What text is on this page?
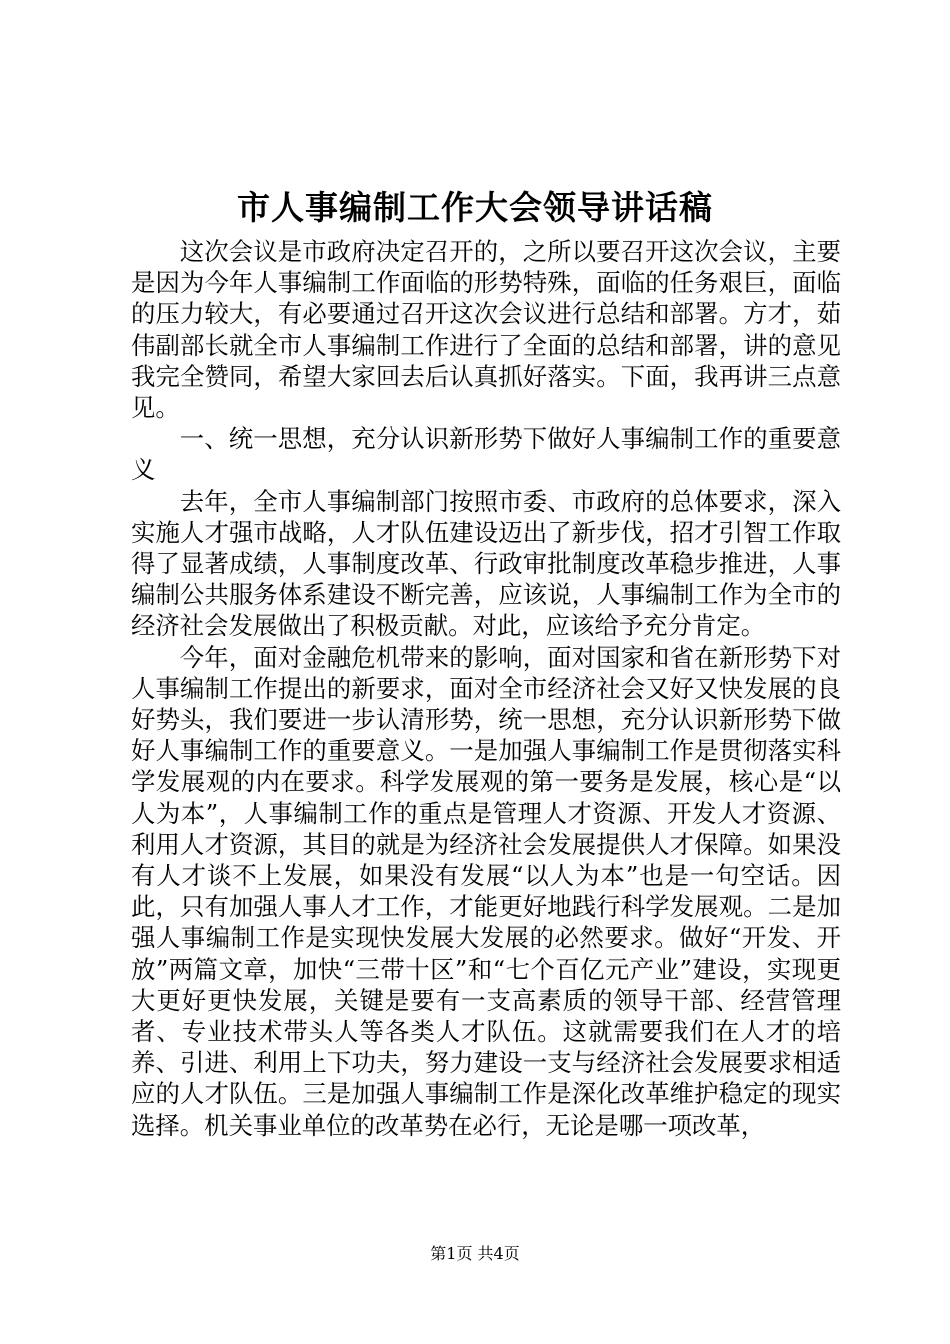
市人事编制工作大会领导讲话稿

这次会议是市政府决定召开的，之所以要召开这次会议，主要是因为今年人事编制工作面临的形势特殊，面临的任务艰巨，面临的压力较大，有必要通过召开这次会议进行总结和部署。方才，茹伟副部长就全市人事编制工作进行了全面的总结和部署，讲的意见我完全赞同，希望大家回去后认真抓好落实。下面，我再讲三点意见。

一、统一思想，充分认识新形势下做好人事编制工作的重要意义

去年，全市人事编制部门按照市委、市政府的总体要求，深入实施人才强市战略，人才队伍建设迈出了新步伐，招才引智工作取得了显著成绩，人事制度改革、行政审批制度改革稳步推进，人事编制公共服务体系建设不断完善，应该说，人事编制工作为全市的经济社会发展做出了积极贡献。对此，应该给予充分肯定。

今年，面对金融危机带来的影响，面对国家和省在新形势下对人事编制工作提出的新要求，面对全市经济社会又好又快发展的良好势头，我们要进一步认清形势，统一思想，充分认识新形势下做好人事编制工作的重要意义。一是加强人事编制工作是贯彻落实科学发展观的内在要求。科学发展观的第一要务是发展，核心是“以人为本”，人事编制工作的重点是管理人才资源、开发人才资源、利用人才资源，其目的就是为经济社会发展提供人才保障。如果没有人才谈不上发展，如果没有发展“以人为本”也是一句空话。因此，只有加强人事人才工作，才能更好地践行科学发展观。二是加强人事编制工作是实现快发展大发展的必然要求。做好“开发、开放”两篇文章，加快“三带十区”和“七个百亿元产业”建设，实现更大更好更快发展，关键是要有一支高素质的领导干部、经营管理者、专业技术带头人等各类人才队伍。这就需要我们在人才的培养、引进、利用上下功夫，努力建设一支与经济社会发展要求相适应的人才队伍。三是加强人事编制工作是深化改革维护稳定的现实选择。机关事业单位的改革势在必行，无论是哪一项改革，

第1页 共4页
